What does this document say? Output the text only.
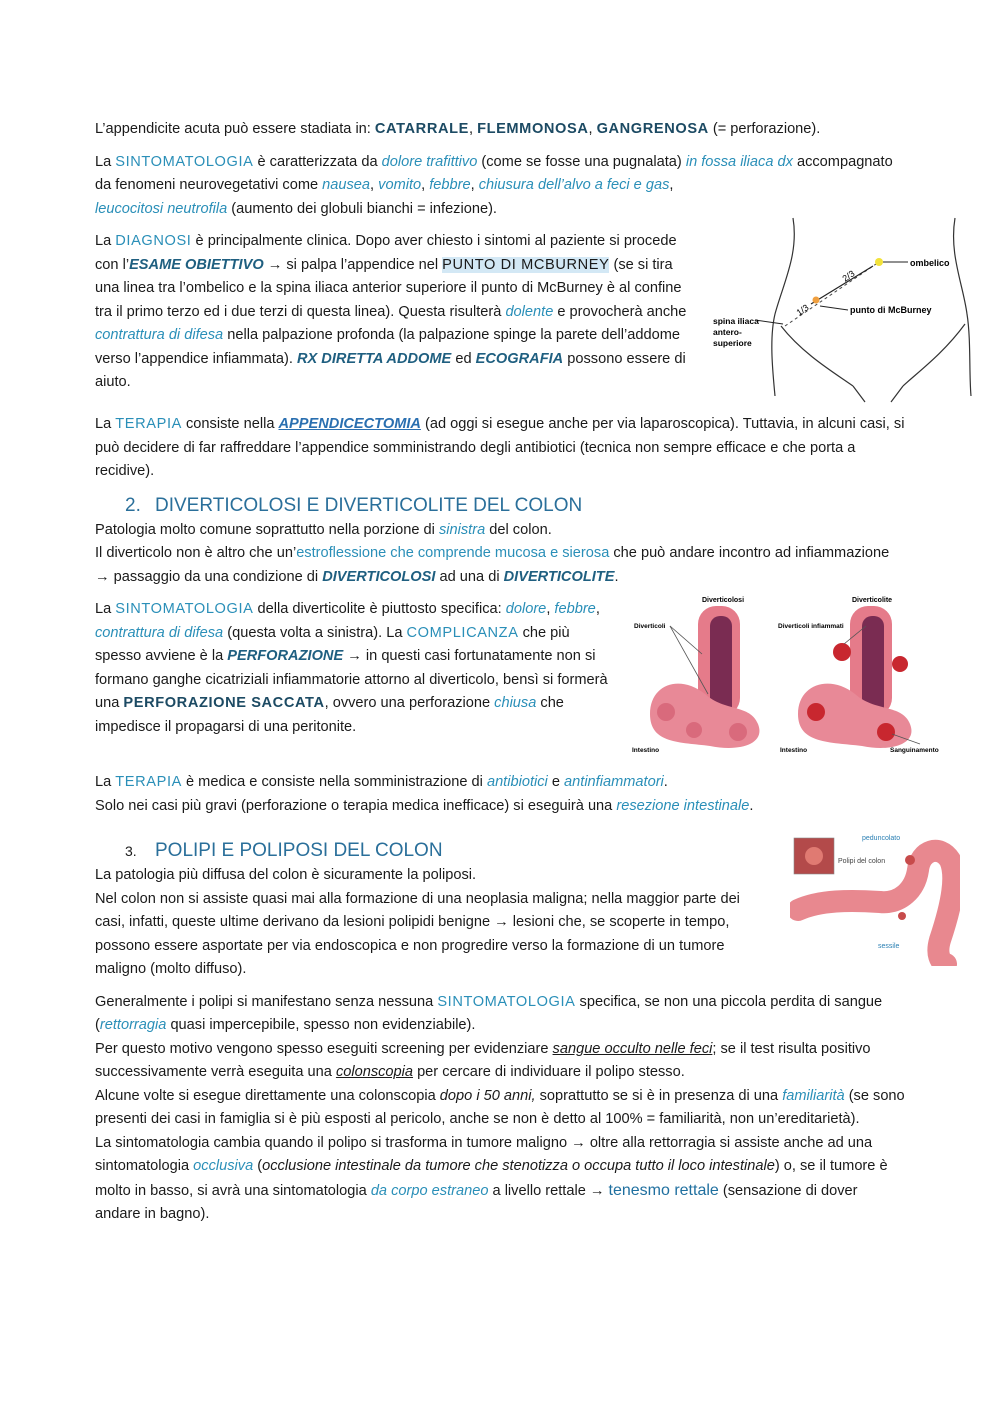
L’appendicite acuta può essere stadiata in: CATARRALE, FLEMMONOSA, GANGRENOSA (= perforazione).

La SINTOMATOLOGIA è caratterizzata da dolore trafittivo (come se fosse una pugnalata) in fossa iliaca dx accompagnato da fenomeni neurovegetativi come nausea, vomito, febbre, chiusura dell’alvo a feci e gas,
leucocitosi neutrofila (aumento dei globuli bianchi = infezione).

La DIAGNOSI è principalmente clinica. Dopo aver chiesto i sintomi al paziente si procede con l’ESAME OBIETTIVO → si palpa l’appendice nel PUNTO DI MCBURNEY (se si tira una linea tra l’ombelico e la spina iliaca anterior superiore il punto di McBurney è al confine tra il primo terzo ed i due terzi di questa linea). Questa risulterà dolente e provocherà anche contrattura di difesa nella palpazione profonda (la palpazione spinge la parete dell’addome verso l’appendice infiammata). RX DIRETTA ADDOME ed ECOGRAFIA possono essere di aiuto.

ombelico
punto di McBurney
2/3
1/3
spina iliaca
antero-
superiore

La TERAPIA consiste nella APPENDICECTOMIA (ad oggi si esegue anche per via laparoscopica). Tuttavia, in alcuni casi, si può decidere di far raffreddare l’appendice somministrando degli antibiotici (tecnica non sempre efficace e che porta a recidive).

2. DIVERTICOLOSI E DIVERTICOLITE DEL COLON

Patologia molto comune soprattutto nella porzione di sinistra del colon.
Il diverticolo non è altro che un’estroflessione che comprende mucosa e sierosa che può andare incontro ad infiammazione → passaggio da una condizione di DIVERTICOLOSI ad una di DIVERTICOLITE.

La SINTOMATOLOGIA della diverticolite è piuttosto specifica: dolore, febbre, contrattura di difesa (questa volta a sinistra). La COMPLICANZA che più spesso avviene è la PERFORAZIONE → in questi casi fortunatamente non si formano ganghe cicatriziali infiammatorie attorno al diverticolo, bensì si formerà una PERFORAZIONE SACCATA, ovvero una perforazione chiusa che impedisce il propagarsi di una peritonite.

Diverticolosi
Diverticoli
Intestino
Diverticolite
Diverticoli infiammati
Intestino	Sanguinamento

La TERAPIA è medica e consiste nella somministrazione di antibiotici e antinfiammatori.
Solo nei casi più gravi (perforazione o terapia medica inefficace) si eseguirà una resezione intestinale.

3. POLIPI E POLIPOSI DEL COLON

La patologia più diffusa del colon è sicuramente la poliposi.
Nel colon non si assiste quasi mai alla formazione di una neoplasia maligna; nella maggior parte dei casi, infatti, queste ultime derivano da lesioni polipidi benigne → lesioni che, se scoperte in tempo, possono essere asportate per via endoscopica e non progredire verso la formazione di un tumore maligno (molto diffuso).

peduncolato
Polipi del colon
sessile

Generalmente i polipi si manifestano senza nessuna SINTOMATOLOGIA specifica, se non una piccola perdita di sangue (rettorragia quasi impercepibile, spesso non evidenziabile).
Per questo motivo vengono spesso eseguiti screening per evidenziare sangue occulto nelle feci; se il test risulta positivo successivamente verrà eseguita una colonscopia per cercare di individuare il polipo stesso.
Alcune volte si esegue direttamente una colonscopia dopo i 50 anni, soprattutto se si è in presenza di una familiarità (se sono presenti dei casi in famiglia si è più esposti al pericolo, anche se non è detto al 100% = familiarità, non un’ereditarietà).
La sintomatologia cambia quando il polipo si trasforma in tumore maligno → oltre alla rettorragia si assiste anche ad una sintomatologia occlusiva (occlusione intestinale da tumore che stenotizza o occupa tutto il loco intestinale) o, se il tumore è molto in basso, si avrà una sintomatologia da corpo estraneo a livello rettale → tenesmo rettale (sensazione di dover andare in bagno).
